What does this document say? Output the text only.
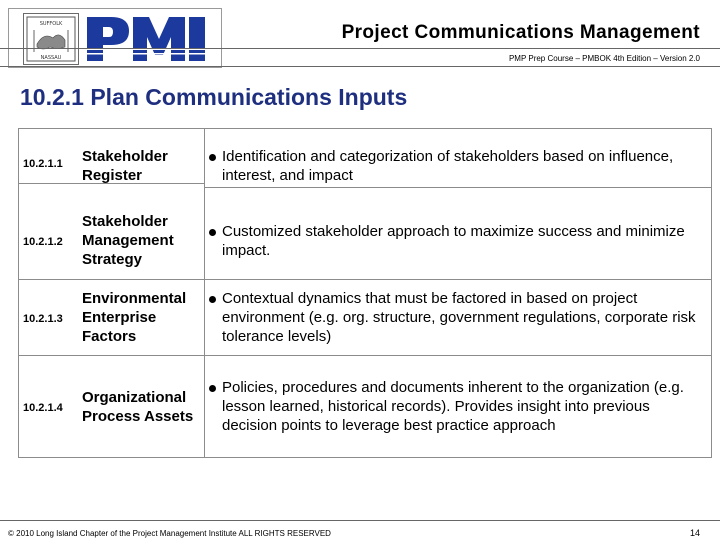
SUFFOLK
NASSAU
Project Communications Management
PMP Prep Course – PMBOK 4th Edition – Version 2.0
10.2.1 Plan Communications Inputs
10.2.1.1 Stakeholder Register
Identification and categorization of stakeholders based on influence, interest, and impact
10.2.1.2
Stakeholder Management Strategy
Customized stakeholder approach to maximize success and minimize impact.
10.2.1.3
Environmental Enterprise Factors
Contextual dynamics that must be factored in based on project environment (e.g. org. structure, government regulations, corporate risk tolerance levels)
10.2.1.4
Organizational Process Assets
Policies, procedures and documents inherent to the organization (e.g. lesson learned, historical records). Provides insight into previous decision points to leverage best practice approach
© 2010 Long Island Chapter of the Project Management Institute ALL RIGHTS RESERVED	14
